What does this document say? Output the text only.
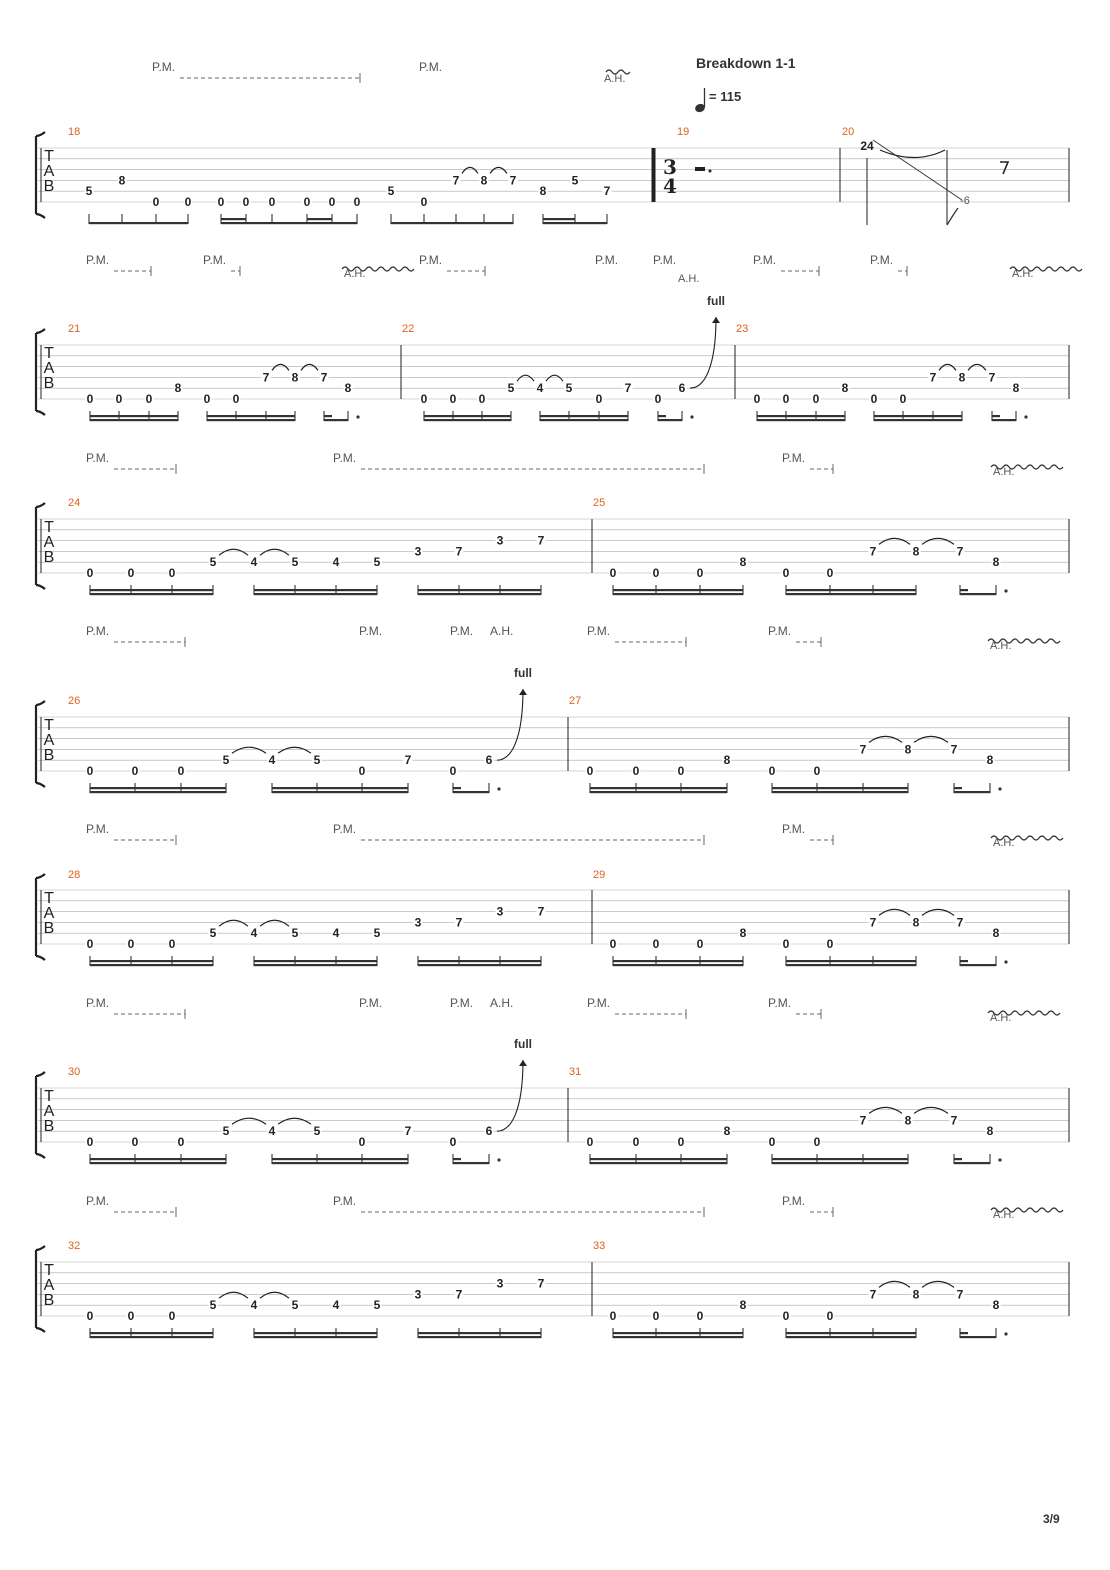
Breakdown 1-1
= 115
3/9
T
A
B
18	19	20
3
4
5
8
0 0 0 0 0 0 0
5
0
7 8 7
8
5
7
0
P.M.	P.M.
A.H.
24
-6
T
A
B
21	22	23
0 0 0
8
0 0
7 8 7
8
0 0 0
5 4 5
0
7
0
6
full
0 0 0
8
0 0
7 8 7
8
P.M.	P.M.
A.H.
P.M.	P.M.	P.M.
A.H.
P.M.	P.M.
A.H.
T
A
B
24	25
0	0	0
5	4	5	4	5
3	7
3	7
0	0	0
8
0	0
7	8	7
8
P.M.	P.M.	P.M.
A.H.
T
A
B
26	27
0	0	0
5	4	5
0
7
0
6
full
0	0	0
8
0	0
7	8	7
8
P.M.	P.M.	P.M. A.H.	P.M.	P.M.
A.H.
T
A
B
28	29
0	0	0
5	4	5	4	5
3	7
3	7
0	0	0
8
0	0
7	8	7
8
P.M.	P.M.	P.M.
A.H.
T
A
B
30	31
0	0	0
5	4	5
0
7
0
6
full
0	0	0
8
0	0
7	8	7
8
P.M.	P.M.	P.M. A.H.	P.M.	P.M.
A.H.
T
A
B
32	33
0	0	0
5	4	5	4	5
3	7
3	7
0	0	0
8
0	0
7	8	7
8
P.M.	P.M.	P.M.
A.H.
